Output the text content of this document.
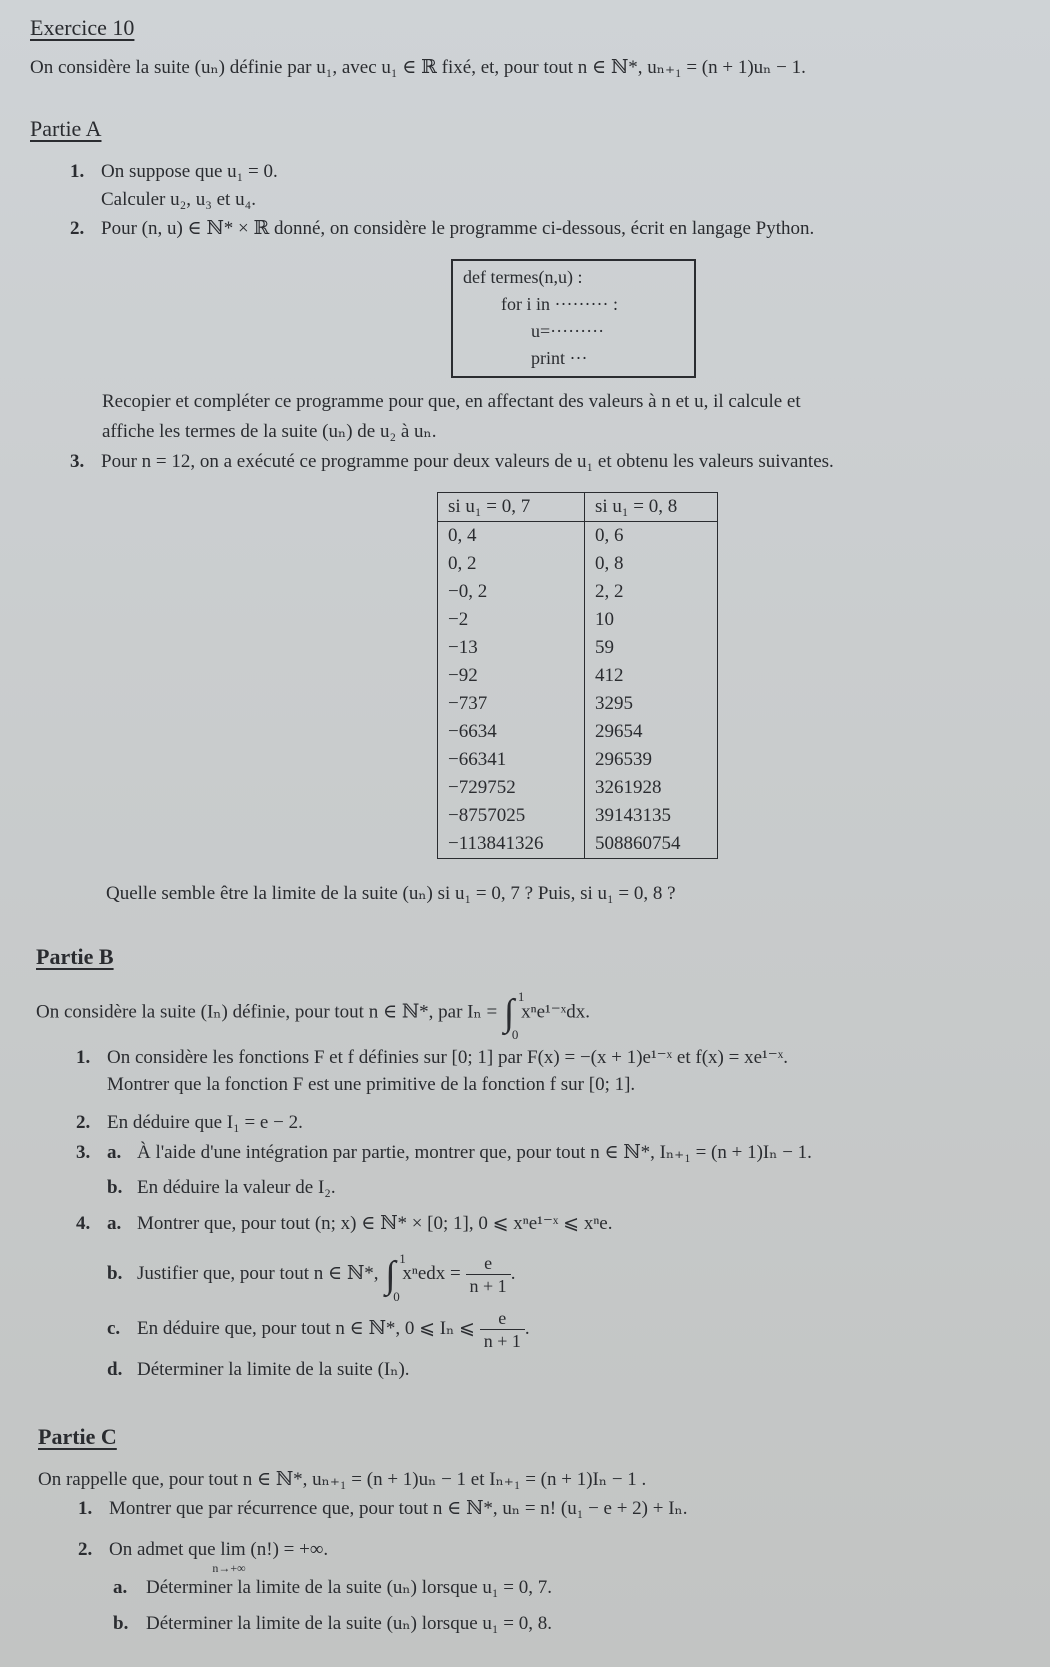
Exercice 10
On considère la suite (uₙ) définie par u₁, avec u₁ ∈ ℝ fixé, et, pour tout n ∈ ℕ*, uₙ₊₁ = (n + 1)uₙ − 1.
Partie A
1. On suppose que u₁ = 0.
Calculer u₂, u₃ et u₄.
2. Pour (n, u) ∈ ℕ* × ℝ donné, on considère le programme ci-dessous, écrit en langage Python.
def termes(n,u) :
for i in ········· :
u=·········
print ···
Recopier et compléter ce programme pour que, en affectant des valeurs à n et u, il calcule et
affiche les termes de la suite (uₙ) de u₂ à uₙ.
3. Pour n = 12, on a exécuté ce programme pour deux valeurs de u₁ et obtenu les valeurs suivantes.
si u₁ = 0, 7	si u₁ = 0, 8
0, 4	0, 6
0, 2	0, 8
−0, 2	2, 2
−2	10
−13	59
−92	412
−737	3295
−6634	29654
−66341	296539
−729752	3261928
−8757025	39143135
−113841326	508860754
Quelle semble être la limite de la suite (uₙ) si u₁ = 0, 7 ? Puis, si u₁ = 0, 8 ?
Partie B
On considère la suite (Iₙ) définie, pour tout n ∈ ℕ*, par Iₙ = ∫ 1
0
xⁿe¹⁻ˣdx.
1. On considère les fonctions F et f définies sur [0; 1] par F(x) = −(x + 1)e¹⁻ˣ et f(x) = xe¹⁻ˣ.
Montrer que la fonction F est une primitive de la fonction f sur [0; 1].
2. En déduire que I₁ = e − 2.
3. a. À l'aide d'une intégration par partie, montrer que, pour tout n ∈ ℕ*, Iₙ₊₁ = (n + 1)Iₙ − 1.
b. En déduire la valeur de I₂.
4. a. Montrer que, pour tout (n; x) ∈ ℕ* × [0; 1], 0 ⩽ xⁿe¹⁻ˣ ⩽ xⁿe.
b. Justifier que, pour tout n ∈ ℕ*, ∫ 1
0
$x^nedx = \frac{e}{n + 1}$ .
c. En déduire que, pour tout n ∈ ℕ*, 0 ⩽ Iₙ ⩽ $\frac{e}{n + 1}$ .
d. Déterminer la limite de la suite (Iₙ).
Partie C
On rappelle que, pour tout n ∈ ℕ*, uₙ₊₁ = (n + 1)uₙ − 1 et Iₙ₊₁ = (n + 1)Iₙ − 1 .
1. Montrer que par récurrence que, pour tout n ∈ ℕ*, uₙ = n! (u₁ − e + 2) + Iₙ.
2. On admet que lim
n→+∞
(n!) = +∞.
a. Déterminer la limite de la suite (uₙ) lorsque u₁ = 0, 7.
b. Déterminer la limite de la suite (uₙ) lorsque u₁ = 0, 8.
